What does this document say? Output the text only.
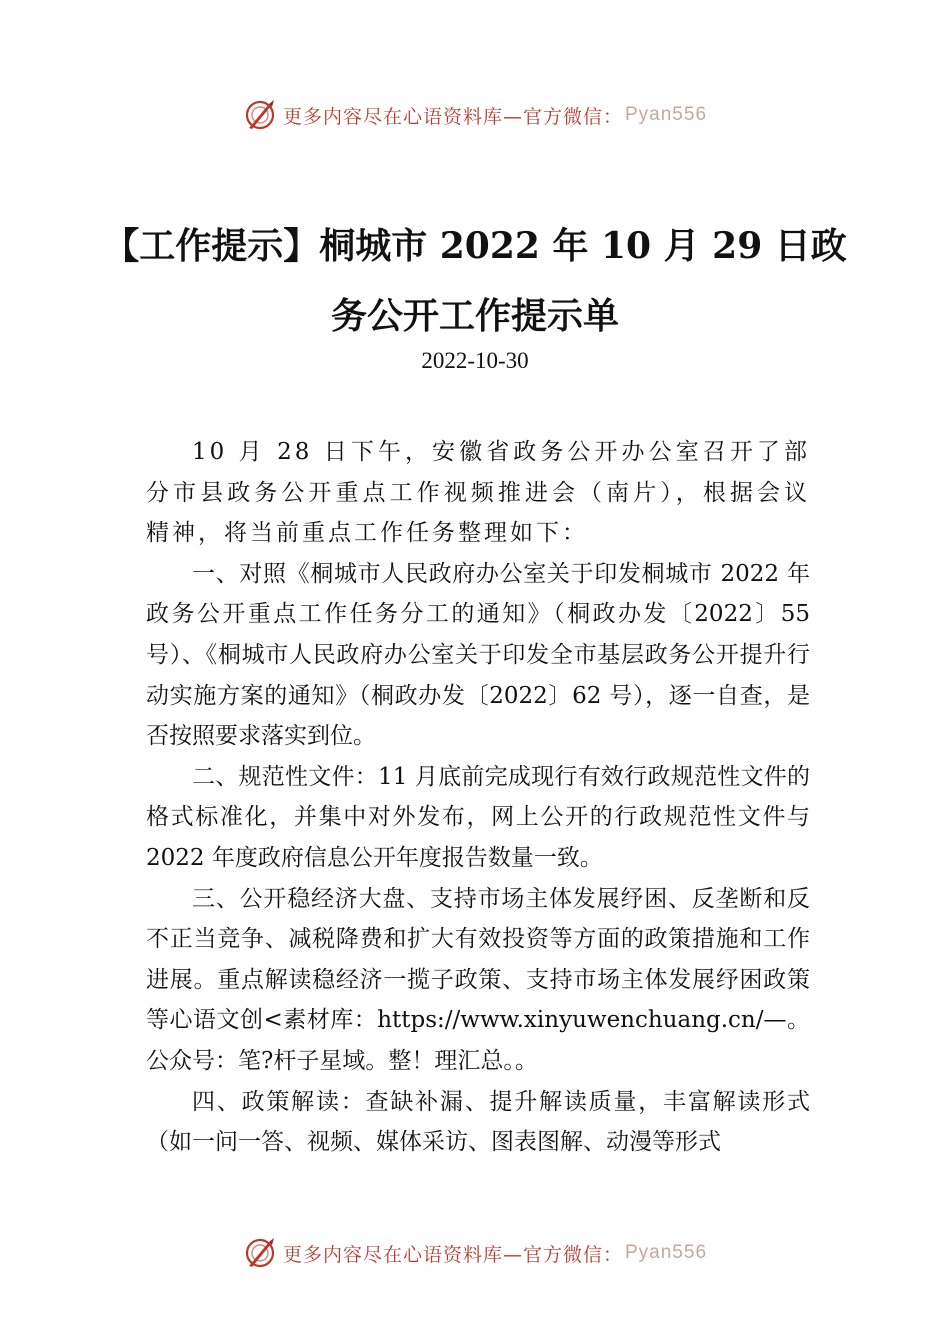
更多内容尽在心语资料库—官方微信： Pyan556
【工作提示】桐城市 2022 年 10 月 29 日政
务公开工作提示单
2022-10-30

10 月 28 日下午，安徽省政务公开办公室召开了部分市县政务公开重点工作视频推进会（南片），根据会议精神，将当前重点工作任务整理如下：

一、对照《桐城市人民政府办公室关于印发桐城市 2022 年政务公开重点工作任务分工的通知》（桐政办发〔2022〕55 号）、《桐城市人民政府办公室关于印发全市基层政务公开提升行动实施方案的通知》（桐政办发〔2022〕62 号），逐一自查，是否按照要求落实到位。

二、规范性文件：11 月底前完成现行有效行政规范性文件的格式标准化，并集中对外发布，网上公开的行政规范性文件与 2022 年度政府信息公开年度报告数量一致。

三、公开稳经济大盘、支持市场主体发展纾困、反垄断和反不正当竞争、减税降费和扩大有效投资等方面的政策措施和工作进展。重点解读稳经济一揽子政策、支持市场主体发展纾困政策等心语文创<素材库：https://www.xinyuwenchuang.cn/—。公众号：笔?杆子星域。整！理汇总。。

四、政策解读：查缺补漏、提升解读质量，丰富解读形式（如一问一答、视频、媒体采访、图表图解、动漫等形式

更多内容尽在心语资料库—官方微信： Pyan556
